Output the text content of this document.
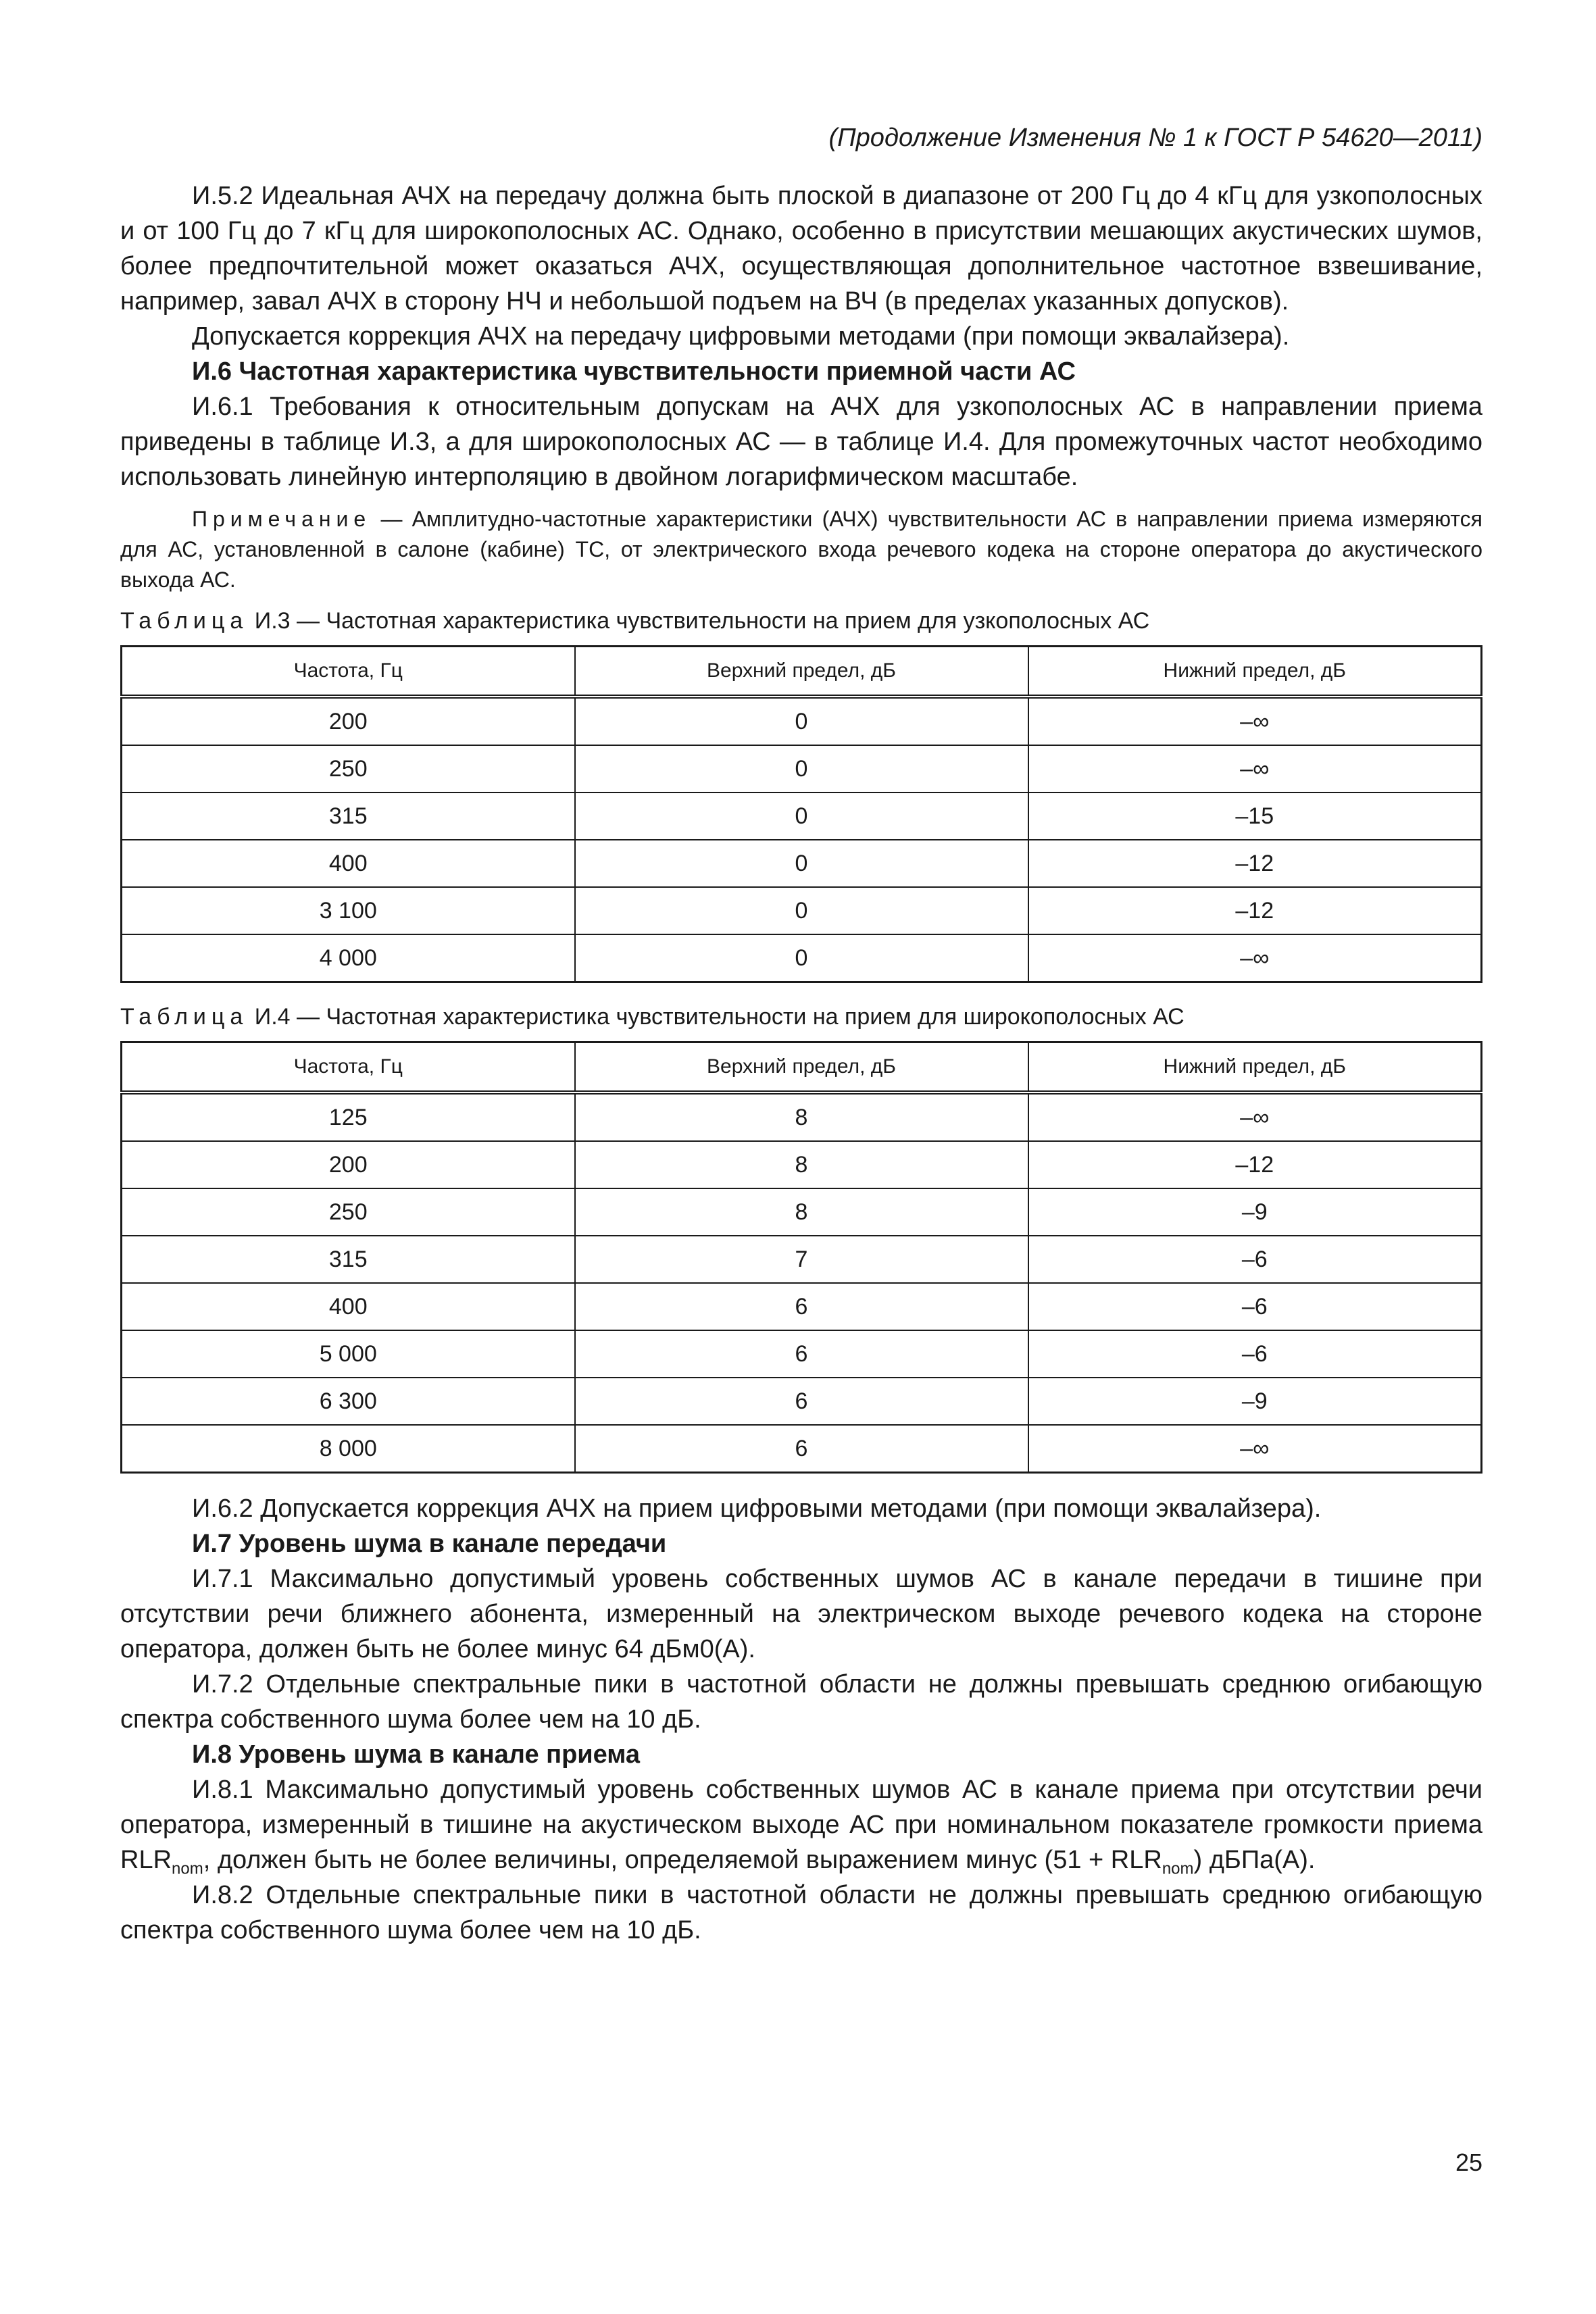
(Продолжение Изменения № 1 к ГОСТ Р 54620—2011)

И.5.2 Идеальная АЧХ на передачу должна быть плоской в диапазоне от 200 Гц до 4 кГц для узкополосных и от 100 Гц до 7 кГц для широкополосных АС. Однако, особенно в присутствии мешающих акустических шумов, более предпочтительной может оказаться АЧХ, осуществляющая дополнительное частотное взвешивание, например, завал АЧХ в сторону НЧ и небольшой подъем на ВЧ (в пределах указанных допусков).

Допускается коррекция АЧХ на передачу цифровыми методами (при помощи эквалайзера).

И.6 Частотная характеристика чувствительности приемной части АС

И.6.1 Требования к относительным допускам на АЧХ для узкополосных АС в направлении приема приведены в таблице И.3, а для широкополосных АС — в таблице И.4. Для промежуточных частот необходимо использовать линейную интерполяцию в двойном логарифмическом масштабе.

Примечание — Амплитудно-частотные характеристики (АЧХ) чувствительности АС в направлении приема измеряются для АС, установленной в салоне (кабине) ТС, от электрического входа речевого кодека на стороне оператора до акустического выхода АС.

Таблица И.3 — Частотная характеристика чувствительности на прием для узкополосных АС
Частота, Гц	Верхний предел, дБ	Нижний предел, дБ
200	0	–∞
250	0	–∞
315	0	–15
400	0	–12
3 100	0	–12
4 000	0	–∞
Таблица И.4 — Частотная характеристика чувствительности на прием для широкополосных АС
Частота, Гц	Верхний предел, дБ	Нижний предел, дБ
125	8	–∞
200	8	–12
250	8	–9
315	7	–6
400	6	–6
5 000	6	–6
6 300	6	–9
8 000	6	–∞

И.6.2 Допускается коррекция АЧХ на прием цифровыми методами (при помощи эквалайзера).

И.7 Уровень шума в канале передачи

И.7.1 Максимально допустимый уровень собственных шумов АС в канале передачи в тишине при отсутствии речи ближнего абонента, измеренный на электрическом выходе речевого кодека на стороне оператора, должен быть не более минус 64 дБм0(А).

И.7.2 Отдельные спектральные пики в частотной области не должны превышать среднюю огибающую спектра собственного шума более чем на 10 дБ.

И.8 Уровень шума в канале приема

И.8.1 Максимально допустимый уровень собственных шумов АС в канале приема при отсутствии речи оператора, измеренный в тишине на акустическом выходе АС при номинальном показателе громкости приема $RLR_{nom}$, должен быть не более величины, определяемой выражением минус $(51 + RLR_{nom})$ дБПа(А).

И.8.2 Отдельные спектральные пики в частотной области не должны превышать среднюю огибающую спектра собственного шума более чем на 10 дБ.

25
